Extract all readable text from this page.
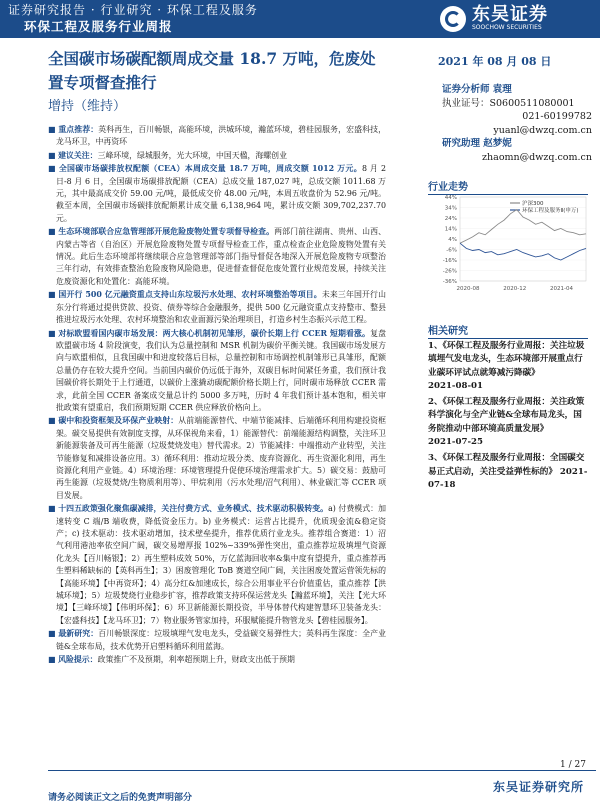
证券研究报告 · 行业研究 · 环保工程及服务
环保工程及服务行业周报
东吴证券
SOOCHOW SECURITIES
全国碳市场碳配额周成交量 18.7 万吨，危废处置专项督查推行
增持（维持）
2021 年 08 月 08 日
证券分析师 袁理
执业证号：S0600511080001
021-60199782
yuanl@dwzq.com.cn
研究助理 赵梦妮
zhaomn@dwzq.com.cn
行业走势
44%
34%
24%
14%
4%
-6%
-16%
-26%
-36%
2020-08	2020-12	2021-04
沪深300
环保工程及服务Ⅱ(申万)
相关研究
1、《环保工程及服务行业周报：关注垃圾填埋气发电龙头，生态环境部开展重点行业碳环评试点就筹减污降碳》
2021-08-01
2、《环保工程及服务行业周报：关注政策科学演化与全产业链&全球布局龙头，国务院推动中部环境高质量发展》
2021-07-25
3、《环保工程及服务行业周报：全国碳交易正式启动，关注受益弹性标的》 2021-07-18
■ 重点推荐：英科再生，百川畅银，高能环境，洪城环境，瀚蓝环境，碧桂园服务，宏盛科技，龙马环卫，中再资环
■ 建议关注：三峰环境，绿城服务，光大环境，中国天楹，海螺创业
■ 全国碳市场碳排放权配额（CEA）本周成交量 18.7 万吨，周成交额 1012 万元。8 月 2 日-8 月 6 日，全国碳市场碳排放配额（CEA）总成交量 187,027 吨，总成交额 1011.68 万元，其中最高成交价 59.00 元/吨，最低成交价 48.00 元/吨，本周五收盘价为 52.96 元/吨。截至本周，全国碳市场碳排放配额累计成交量 6,138,964 吨，累计成交额 309,702,237.70 元。
■ 生态环境部联合应急管理部开展危险废物处置专项督导检查。两部门前往湖南、贵州、山西、内蒙古等省（自治区）开展危险废物处置专项督导检查工作，重点检查企业危险废物处置有关情况。此后生态环境部将继续联合应急管理部等部门指导督促各地深入开展危险废物专项整治三年行动，有效排查整治危险废物风险隐患，促进督查督促危废处置行业规范发展，持续关注危废资源化和处置化：高能环境。
■ 国开行 500 亿元融资重点支持山东垃圾污水处理、农村环境整治等项目。未来三年国开行山东分行将通过提供贷款、投资、债券等综合金融服务，提供 500 亿元融资重点支持整市、整县推进垃圾污水处理、农村环境整治和农业面源污染治理项目，打造乡村生态振兴示范工程。
■ 对标欧盟看国内碳市场发展：两大核心机制初见雏形，碳价长期上行 CCER 短期看涨。复盘欧盟碳市场 4 阶段演变，我们认为总量控制和 MSR 机制为碳价平衡关键。我国碳市场发展方向与欧盟相似，且我国碳中和进度较落后目标，总量控制和市场调控机制雏形已具雏形，配额总量仍存在较大提升空间。当前国内碳价仍远低于海外，双碳目标时间紧任务重，我们预计我国碳价将长期处于上行通道，以碳价上涨撬动碳配额价格长期上行，同时碳市场释放 CCER 需求，此前全国 CCER 备案成交量总计约 5000 多万吨，历时 4 年我们预计基本饱和，相关审批政策有望重启，我们预期短期 CCER 供应释放价格向上。
■ 碳中和投资框架及环保产业映射：从前端能源替代、中端节能减排、后端循环利用构建投资框架。碳交易提供有效制度支撑，从环保视角来看，1）能源替代：前端能源结构调整，关注环卫新能源装备及可再生能源（垃圾焚烧发电）替代需求。2）节能减排：中端推动产业转型，关注节能修复和减排设备应用。3）循环利用：推动垃圾分类、废弃资源化、再生资源化利用，再生资源化利用产业链。4）环境治理：环境管理提升促使环境治理需求扩大。5）碳交易：鼓励可再生能源（垃圾焚烧/生物质利用等）、甲烷利用（污水处理/沼气利用）、林业碳汇等 CCER 项目发展。
■ 十四五政策强化聚焦碳减排，关注付费方式、业务模式、技术驱动积极转变。a) 付费模式：加速转变 C 端/B 端收费，降低资金压力。b) 业务模式：运营占比提升，优质现金流&稳定资产；c) 技术驱动：技术驱动增加，技术壁垒提升，推荐优质行业龙头。推荐组合赛道：1）沼气利用港池率依空间广阔，碳交易增厚报 102%~339%弹性突出，重点推荐垃圾填埋气资源化龙头【百川畅银】；2）再生塑料成效 50%，万亿蓝海回收率&集中度有望提升，重点推荐再生塑料稀缺标的【英科再生】；3）困废管理化 ToB 赛道空间广阔，关注困废处置运营领先标的【高能环境】【中再资环】；4）高分红&加速成长，综合公用事业平台价值重估，重点推荐【洪城环境】；5）垃圾焚烧行业稳步扩容，推荐政策支持环保运营龙头【瀚蓝环境】，关注【光大环境】【三峰环境】【伟明环保】；6）环卫新能源长期投资，半导体替代构建智慧环卫装备龙头：【宏盛科技】【龙马环卫】；7）物业服务管家加持，环服赋能提升物管龙头【碧桂园服务】。
■ 最新研究：百川畅银深度：垃圾填埋气发电龙头，受益碳交易弹性大；英科再生深度：全产业链&全球布局，技术优势开启塑料循环利用蓝海。
■ 风险提示：政策推广不及预期，利率超预期上升，财政支出低于预期
1 / 27
东吴证券研究所
请务必阅读正文之后的免责声明部分
